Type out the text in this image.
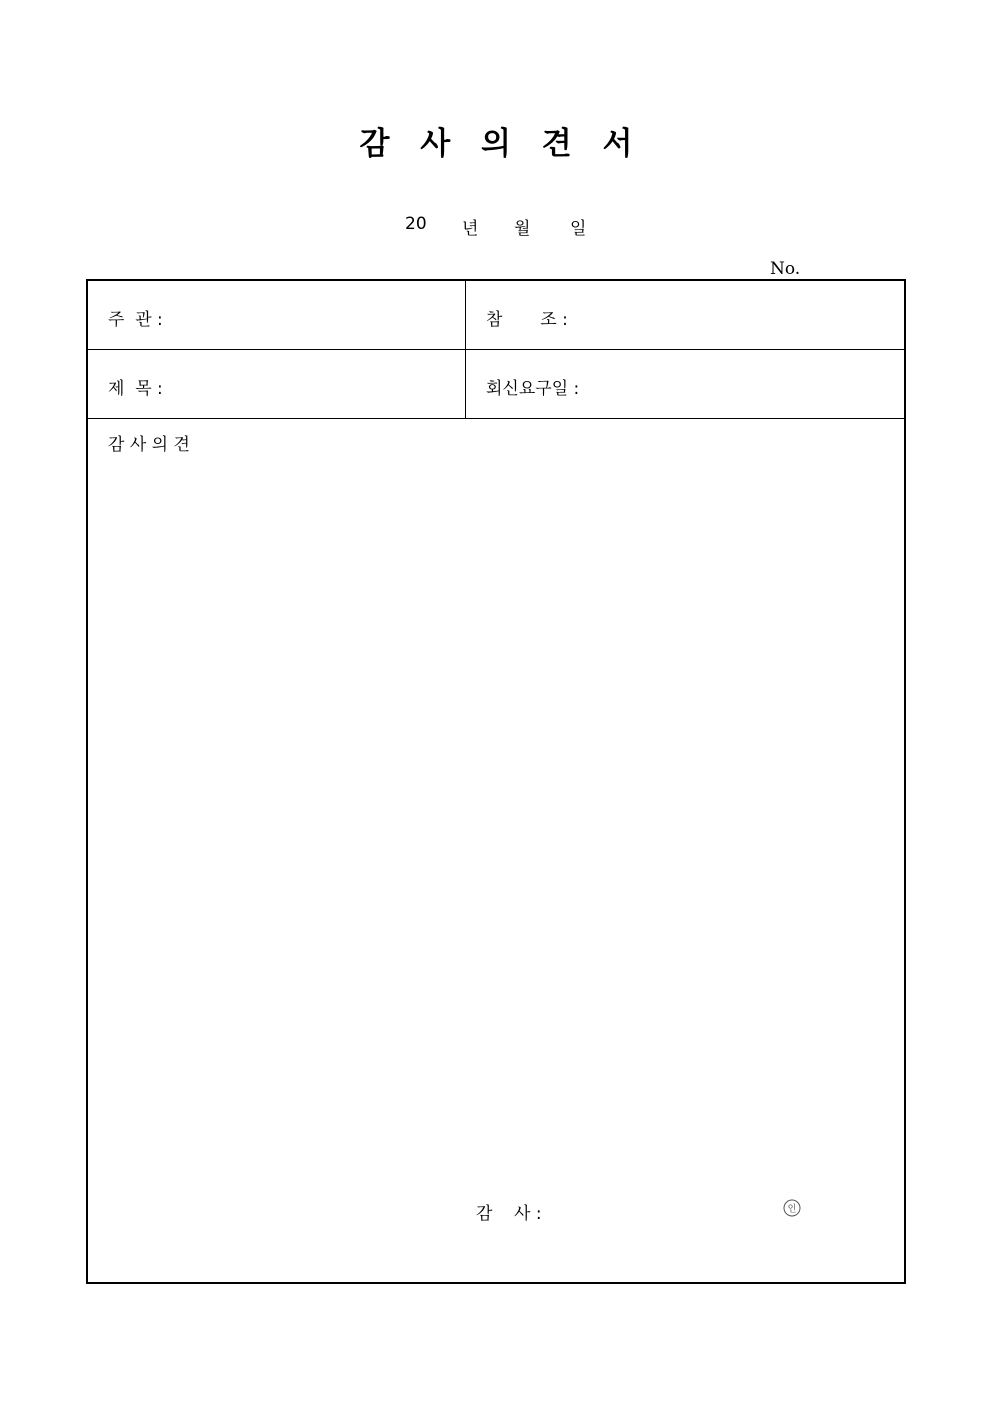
감 사 의 견 서
20 년 월 일
No.
주  관 :	참       조 :
제  목 :	회신요구일 :
감 사 의 견
감    사 :	인
